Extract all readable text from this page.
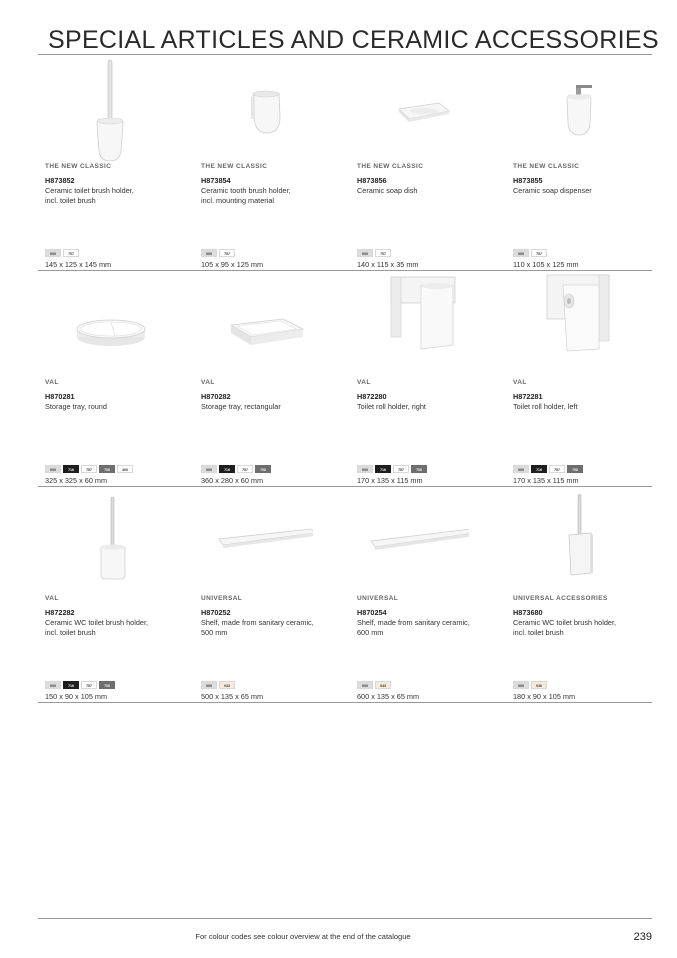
SPECIAL ARTICLES AND CERAMIC ACCESSORIES
THE NEW CLASSIC
H873852
Ceramic toilet brush holder,
incl. toilet brush
000	757
145 x 125 x 145 mm
THE NEW CLASSIC
H873854
Ceramic tooth brush holder,
incl. mounting material
000	757
105 x 95 x 125 mm
THE NEW CLASSIC
H873856
Ceramic soap dish
000	757
140 x 115 x 35 mm
THE NEW CLASSIC
H873855
Ceramic soap dispenser
000	757
110 x 105 x 125 mm
VAL
H870281
Storage tray, round
000	716	757	758	400
325 x 325 x 60 mm
VAL
H870282
Storage tray, rectangular
000	716	757	758
360 x 280 x 60 mm
VAL
H872280
Toilet roll holder, right
000	716	757	758
170 x 135 x 115 mm
VAL
H872281
Toilet roll holder, left
000	716	757	758
170 x 135 x 115 mm
VAL
H872282
Ceramic WC toilet brush holder,
incl. toilet brush
000	716	757	758
150 x 90 x 105 mm
UNIVERSAL
H870252
Shelf, made from sanitary ceramic,
500 mm
000	043
500 x 135 x 65 mm
UNIVERSAL
H870254
Shelf, made from sanitary ceramic,
600 mm
000	043
600 x 135 x 65 mm
UNIVERSAL ACCESSORIES
H873680
Ceramic WC toilet brush holder,
incl. toilet brush
000	040
180 x 90 x 105 mm
For colour codes see colour overview at the end of the catalogue	239
